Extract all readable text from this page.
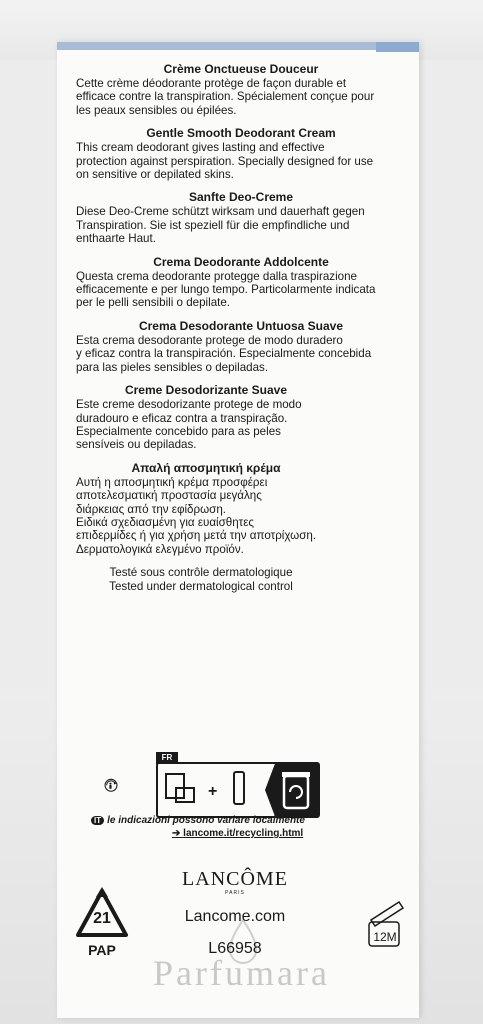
Crème Onctueuse Douceur
Cette crème déodorante protège de façon durable et
efficace contre la transpiration. Spécialement conçue pour
les peaux sensibles ou épilées.
Gentle Smooth Deodorant Cream
This cream deodorant gives lasting and effective
protection against perspiration. Specially designed for use
on sensitive or depilated skins.
Sanfte Deo-Creme
Diese Deo-Creme schützt wirksam und dauerhaft gegen
Transpiration. Sie ist speziell für die empfindliche und
enthaarte Haut.
Crema Deodorante Addolcente
Questa crema deodorante protegge dalla traspirazione
efficacemente e per lungo tempo. Particolarmente indicata
per le pelli sensibili o depilate.
Crema Desodorante Untuosa Suave
Esta crema desodorante protege de modo duradero
y eficaz contra la transpiración. Especialmente concebida
para las pieles sensibles o depiladas.
Creme Desodorizante Suave
Este creme desodorizante protege de modo
duradouro e eficaz contra a transpiração.
Especialmente concebido para as peles
sensíveis ou depiladas.
Απαλή αποσμητική κρέμα
Αυτή η αποσμητική κρέμα προσφέρει
αποτελεσματική προστασία μεγάλης
διάρκειας από την εφίδρωση.
Ειδικά σχεδιασμένη για ευαίσθητες
επιδερμίδες ή για χρήση μετά την αποτρίχωση.
Δερματολογικά ελεγμένο προϊόν.
Testé sous contrôle dermatologique
Tested under dermatological control
FR
+
IT le indicazioni possono variare localmente
➔ lancome.it/recycling.html
21
PAP
LANCÔME
PARIS
Lancome.com
L66958
12M
Parfumara
